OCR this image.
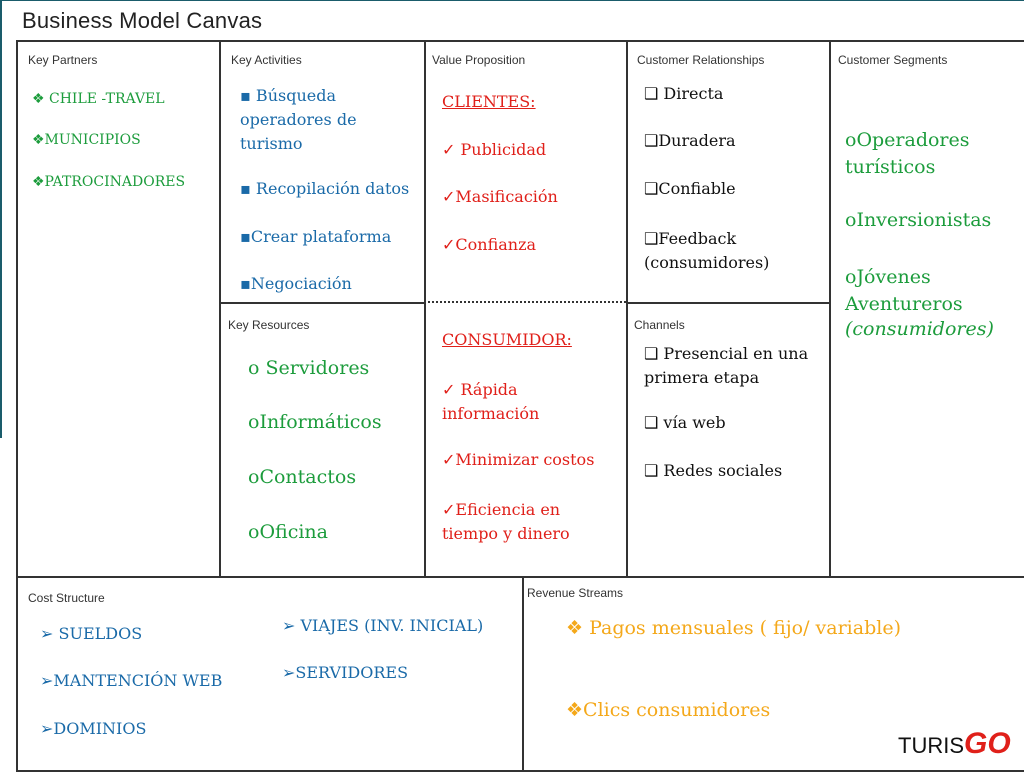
Business Model Canvas
Key Partners
❖ CHILE -TRAVEL
❖MUNICIPIOS
❖PATROCINADORES
Key Activities
▪ Búsqueda
operadores de
turismo
▪ Recopilación datos
▪Crear plataforma
▪Negociación
Key Resources
o Servidores
oInformáticos
oContactos
oOficina
Value Proposition
CLIENTES:
✓ Publicidad
✓Masificación
✓Confianza
CONSUMIDOR:
✓ Rápida
información
✓Minimizar costos
✓Eficiencia en
tiempo y dinero
Customer Relationships
❑ Directa
❑Duradera
❑Confiable
❑Feedback
(consumidores)
Channels
❑ Presencial en una
primera etapa
❑ vía web
❑ Redes sociales
Customer Segments
oOperadores
turísticos
oInversionistas
oJóvenes
Aventureros
(consumidores)
Cost Structure
➢ SUELDOS
➢MANTENCIÓN WEB
➢DOMINIOS
➢ VIAJES (INV. INICIAL)
➢SERVIDORES
Revenue Streams
❖ Pagos mensuales ( fijo/ variable)
❖Clics consumidores
TURISGO
